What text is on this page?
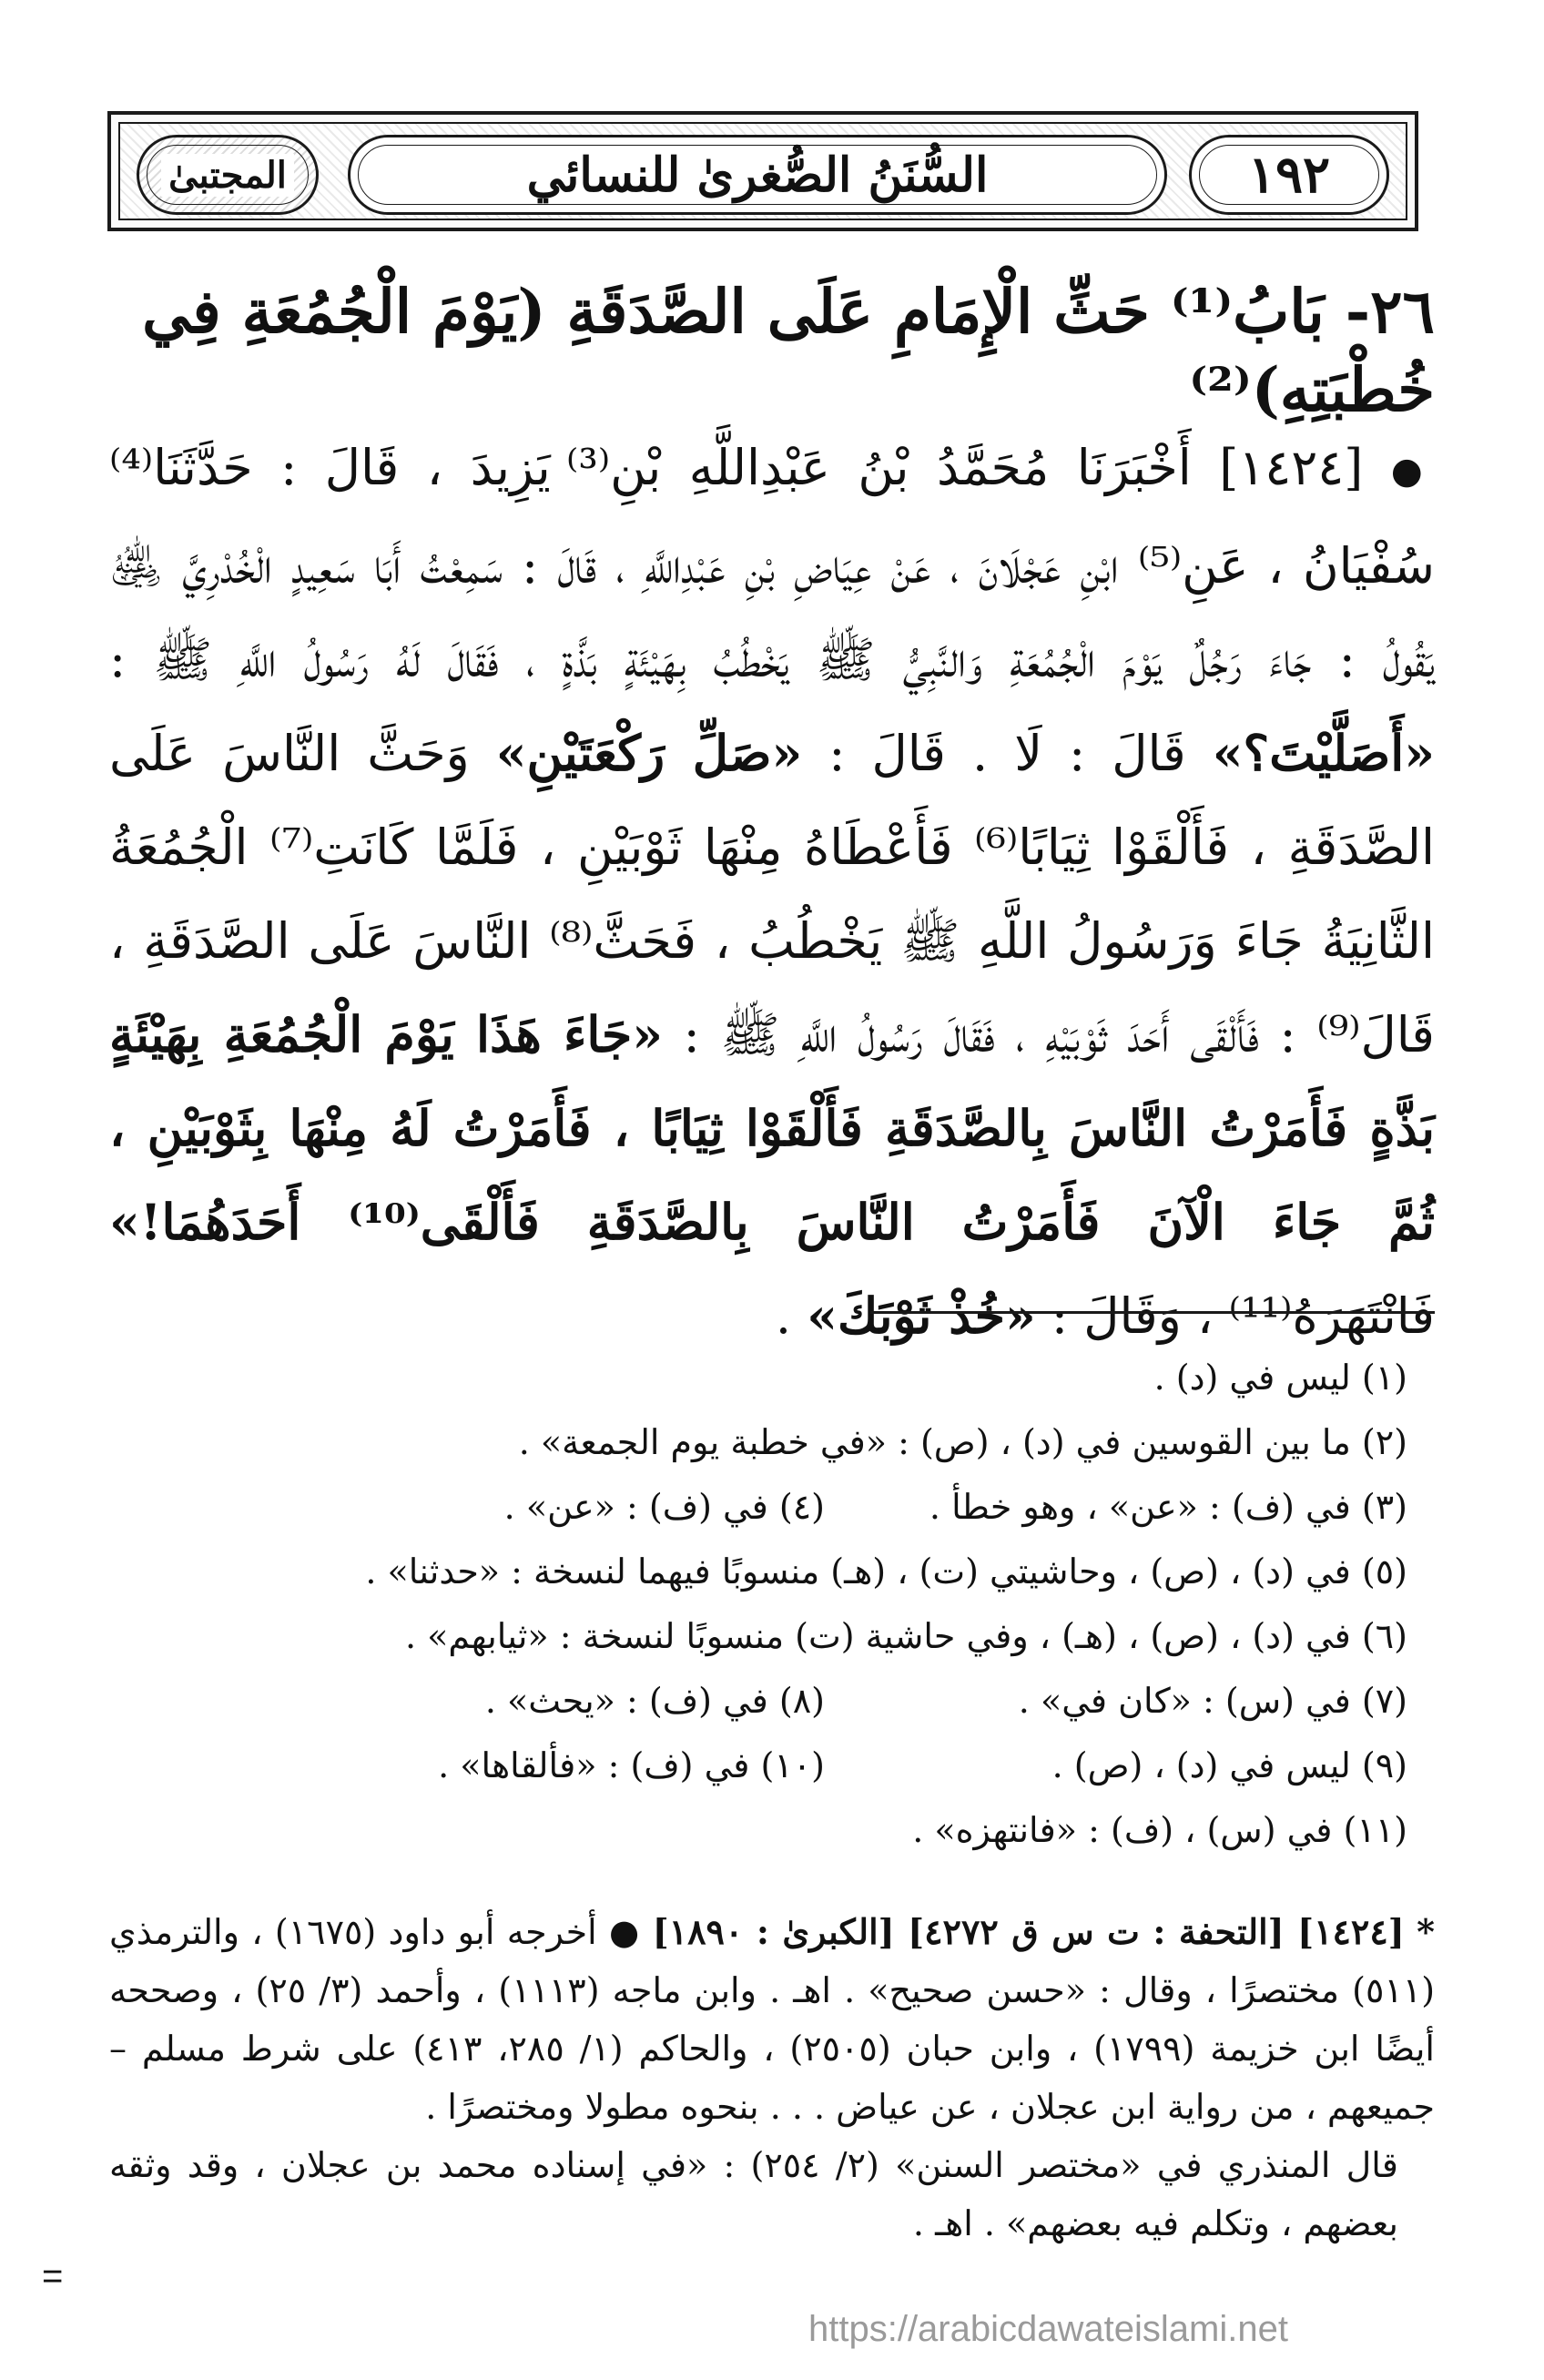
المجتبىٰ	السُّنَنُ الصُّغرىٰ للنسائي	١٩٢
٢٦- بَابُ⁽¹⁾ حَثِّ الْإِمَامِ عَلَى الصَّدَقَةِ (يَوْمَ الْجُمُعَةِ فِي خُطْبَتِهِ)⁽²⁾
● [١٤٢٤] أَخْبَرَنَا مُحَمَّدُ بْنُ عَبْدِاللَّهِ بْنِ⁽³⁾ يَزِيدَ ، قَالَ : حَدَّثَنَا⁽⁴⁾ سُفْيَانُ ، عَنِ⁽⁵⁾ ابْنِ عَجْلَانَ ، عَنْ عِيَاضِ بْنِ عَبْدِاللَّهِ ، قَالَ : سَمِعْتُ أَبَا سَعِيدٍ الْخُدْرِيَّ ﵁ يَقُولُ : جَاءَ رَجُلٌ يَوْمَ الْجُمُعَةِ وَالنَّبِيُّ ﷺ يَخْطُبُ بِهَيْئَةٍ بَذَّةٍ ، فَقَالَ لَهُ رَسُولُ اللَّهِ ﷺ : «أَصَلَّيْتَ؟» قَالَ : لَا . قَالَ : «صَلِّ رَكْعَتَيْنِ» وَحَثَّ النَّاسَ عَلَى الصَّدَقَةِ ، فَأَلْقَوْا ثِيَابًا⁽⁶⁾ فَأَعْطَاهُ مِنْهَا ثَوْبَيْنِ ، فَلَمَّا كَانَتِ⁽⁷⁾ الْجُمُعَةُ الثَّانِيَةُ جَاءَ وَرَسُولُ اللَّهِ ﷺ يَخْطُبُ ، فَحَثَّ⁽⁸⁾ النَّاسَ عَلَى الصَّدَقَةِ ، قَالَ⁽⁹⁾ : فَأَلْقَى أَحَدَ ثَوْبَيْهِ ، فَقَالَ رَسُولُ اللَّهِ ﷺ : «جَاءَ هَذَا يَوْمَ الْجُمُعَةِ بِهَيْئَةٍ بَذَّةٍ فَأَمَرْتُ النَّاسَ بِالصَّدَقَةِ فَأَلْقَوْا ثِيَابًا ، فَأَمَرْتُ لَهُ مِنْهَا بِثَوْبَيْنِ ، ثُمَّ جَاءَ الْآنَ فَأَمَرْتُ النَّاسَ بِالصَّدَقَةِ فَأَلْقَى⁽¹⁰⁾ أَحَدَهُمَا!» فَانْتَهَرَهُ⁽¹¹⁾ ، وَقَالَ : «خُذْ ثَوْبَكَ» .
(١) ليس في (د) .
(٢) ما بين القوسين في (د) ، (ص) : «في خطبة يوم الجمعة» .
(٣) في (ف) : «عن» ، وهو خطأ .
(٤) في (ف) : «عن» .
(٥) في (د) ، (ص) ، وحاشيتي (ت) ، (هـ) منسوبًا فيهما لنسخة : «حدثنا» .
(٦) في (د) ، (ص) ، (هـ) ، وفي حاشية (ت) منسوبًا لنسخة : «ثيابهم» .
(٧) في (س) : «كان في» .
(٨) في (ف) : «يحث» .
(٩) ليس في (د) ، (ص) .
(١٠) في (ف) : «فألقاها» .
(١١) في (س) ، (ف) : «فانتهزه» .

* [١٤٢٤] [التحفة : ت س ق ٤٢٧٢] [الكبرىٰ : ١٨٩٠] ● أخرجه أبو داود (١٦٧٥) ، والترمذي (٥١١) مختصرًا ، وقال : «حسن صحيح» . اهـ . وابن ماجه (١١١٣) ، وأحمد (٣/ ٢٥) ، وصححه أيضًا ابن خزيمة (١٧٩٩) ، وابن حبان (٢٥٠٥) ، والحاكم (١/ ٢٨٥، ٤١٣) على شرط مسلم – جميعهم ، من رواية ابن عجلان ، عن عياض . . . بنحوه مطولا ومختصرًا .

قال المنذري في «مختصر السنن» (٢/ ٢٥٤) : «في إسناده محمد بن عجلان ، وقد وثقه بعضهم ، وتكلم فيه بعضهم» . اهـ .

https://arabicdawateislami.net
=
